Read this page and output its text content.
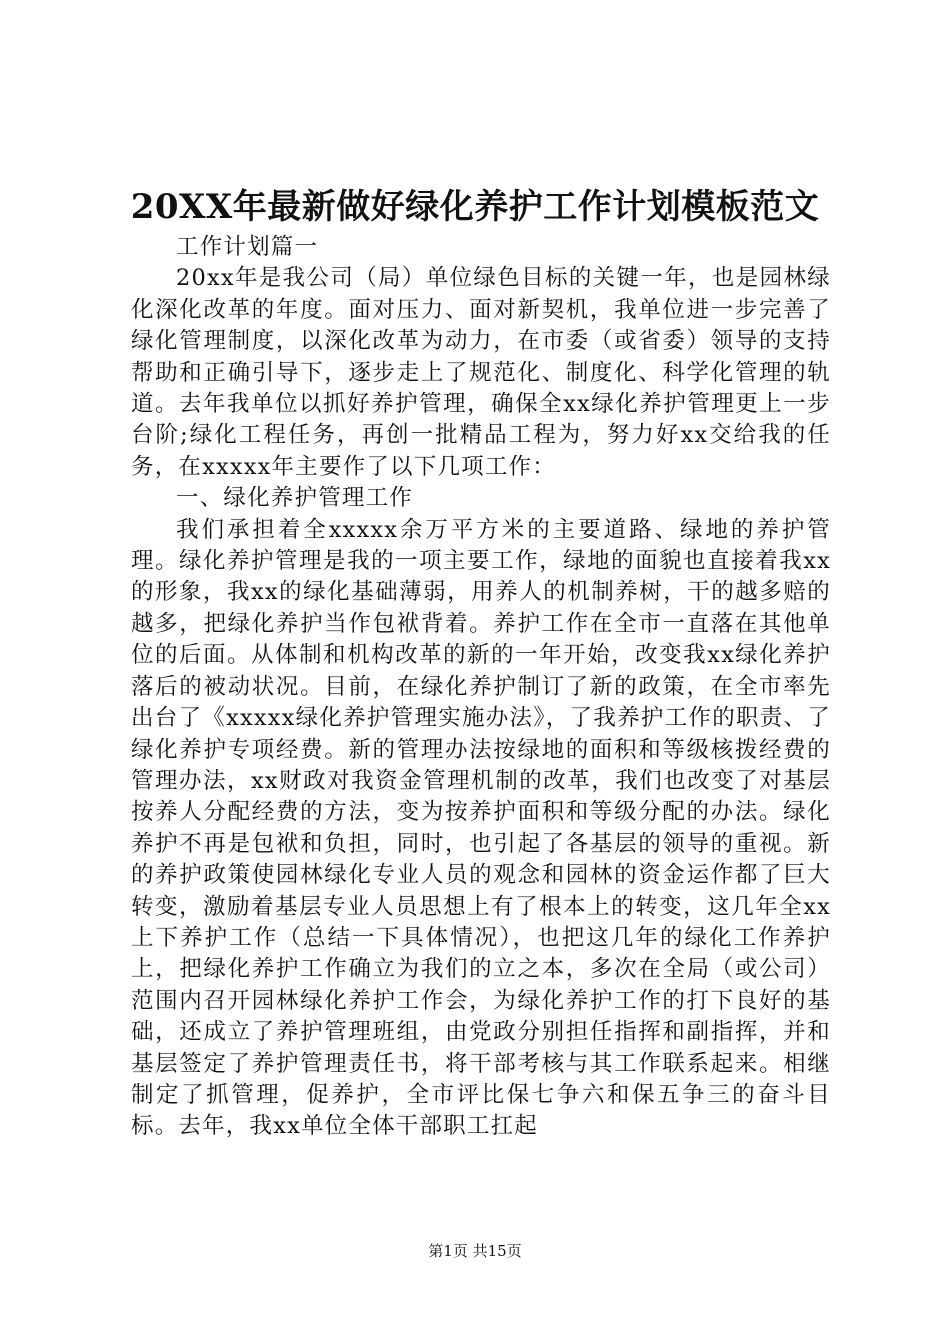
20XX年最新做好绿化养护工作计划模板范文

工作计划篇一

20xx年是我公司（局）单位绿色目标的关键一年，也是园林绿化深化改革的年度。面对压力、面对新契机，我单位进一步完善了绿化管理制度，以深化改革为动力，在市委（或省委）领导的支持帮助和正确引导下，逐步走上了规范化、制度化、科学化管理的轨道。去年我单位以抓好养护管理，确保全xx绿化养护管理更上一步台阶;绿化工程任务，再创一批精品工程为，努力好xx交给我的任务，在xxxxx年主要作了以下几项工作：

一、绿化养护管理工作

我们承担着全xxxxx余万平方米的主要道路、绿地的养护管理。绿化养护管理是我的一项主要工作，绿地的面貌也直接着我xx的形象，我xx的绿化基础薄弱，用养人的机制养树，干的越多赔的越多，把绿化养护当作包袱背着。养护工作在全市一直落在其他单位的后面。从体制和机构改革的新的一年开始，改变我xx绿化养护落后的被动状况。目前，在绿化养护制订了新的政策，在全市率先出台了《xxxxx绿化养护管理实施办法》，了我养护工作的职责、了绿化养护专项经费。新的管理办法按绿地的面积和等级核拨经费的管理办法，xx财政对我资金管理机制的改革，我们也改变了对基层按养人分配经费的方法，变为按养护面积和等级分配的办法。绿化养护不再是包袱和负担，同时，也引起了各基层的领导的重视。新的养护政策使园林绿化专业人员的观念和园林的资金运作都了巨大转变，激励着基层专业人员思想上有了根本上的转变，这几年全xx上下养护工作（总结一下具体情况），也把这几年的绿化工作养护上，把绿化养护工作确立为我们的立之本，多次在全局（或公司）范围内召开园林绿化养护工作会，为绿化养护工作的打下良好的基础，还成立了养护管理班组，由党政分别担任指挥和副指挥，并和基层签定了养护管理责任书，将干部考核与其工作联系起来。相继制定了抓管理，促养护，全市评比保七争六和保五争三的奋斗目标。去年，我xx单位全体干部职工扛起

第1页 共15页
